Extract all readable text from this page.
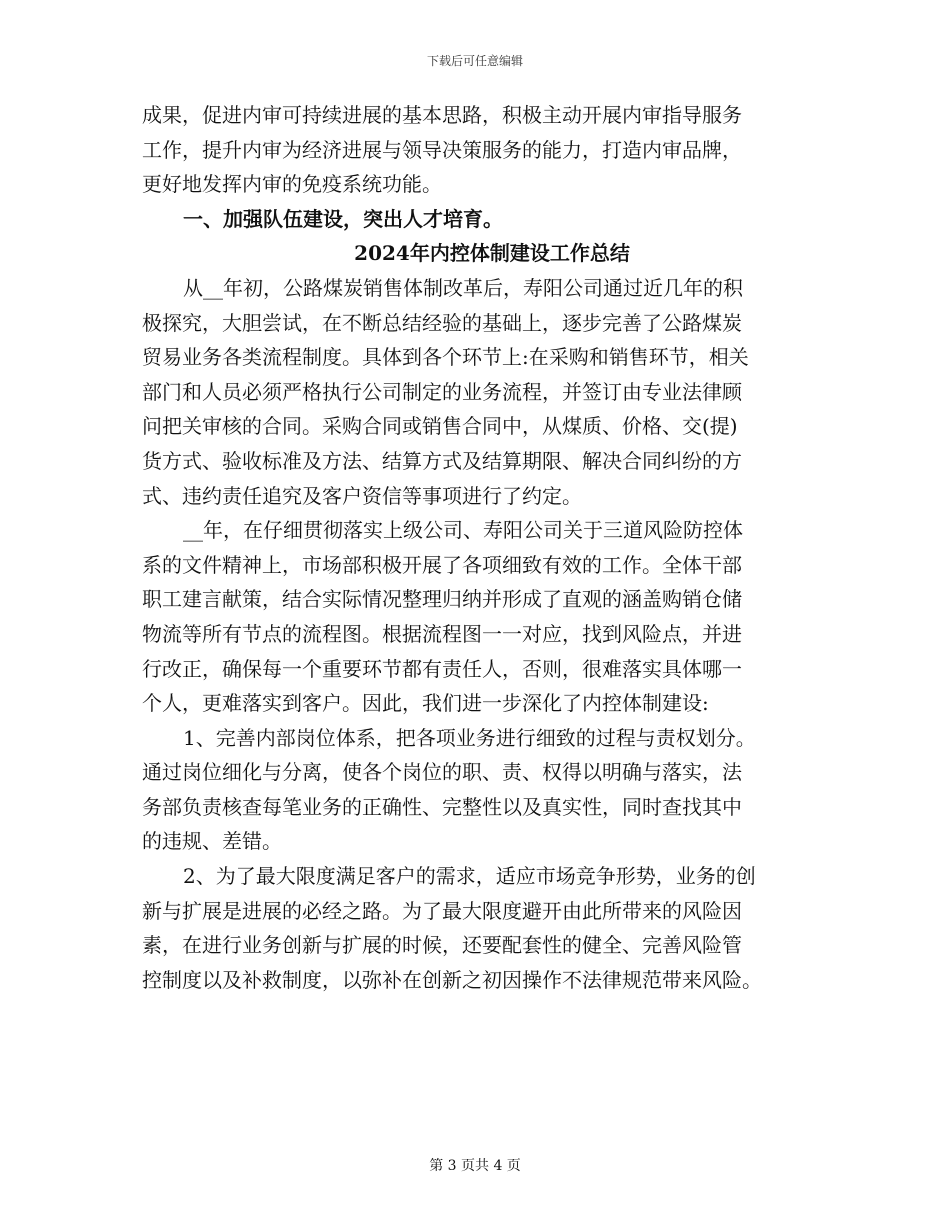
下载后可任意编辑
成果，促进内审可持续进展的基本思路，积极主动开展内审指导服务
工作，提升内审为经济进展与领导决策服务的能力，打造内审品牌，
更好地发挥内审的免疫系统功能。
一、加强队伍建设，突出人才培育。
2024年内控体制建设工作总结
从__年初，公路煤炭销售体制改革后，寿阳公司通过近几年的积
极探究，大胆尝试，在不断总结经验的基础上，逐步完善了公路煤炭
贸易业务各类流程制度。具体到各个环节上:在采购和销售环节，相关
部门和人员必须严格执行公司制定的业务流程，并签订由专业法律顾
问把关审核的合同。采购合同或销售合同中，从煤质、价格、交(提)
货方式、验收标准及方法、结算方式及结算期限、解决合同纠纷的方
式、违约责任追究及客户资信等事项进行了约定。
__年，在仔细贯彻落实上级公司、寿阳公司关于三道风险防控体
系的文件精神上，市场部积极开展了各项细致有效的工作。全体干部
职工建言献策，结合实际情况整理归纳并形成了直观的涵盖购销仓储
物流等所有节点的流程图。根据流程图一一对应，找到风险点，并进
行改正，确保每一个重要环节都有责任人，否则，很难落实具体哪一
个人，更难落实到客户。因此，我们进一步深化了内控体制建设:
1、完善内部岗位体系，把各项业务进行细致的过程与责权划分。
通过岗位细化与分离，使各个岗位的职、责、权得以明确与落实，法
务部负责核查每笔业务的正确性、完整性以及真实性，同时查找其中
的违规、差错。
2、为了最大限度满足客户的需求，适应市场竞争形势，业务的创
新与扩展是进展的必经之路。为了最大限度避开由此所带来的风险因
素，在进行业务创新与扩展的时候，还要配套性的健全、完善风险管
控制度以及补救制度，以弥补在创新之初因操作不法律规范带来风险。
第 3 页共 4 页
